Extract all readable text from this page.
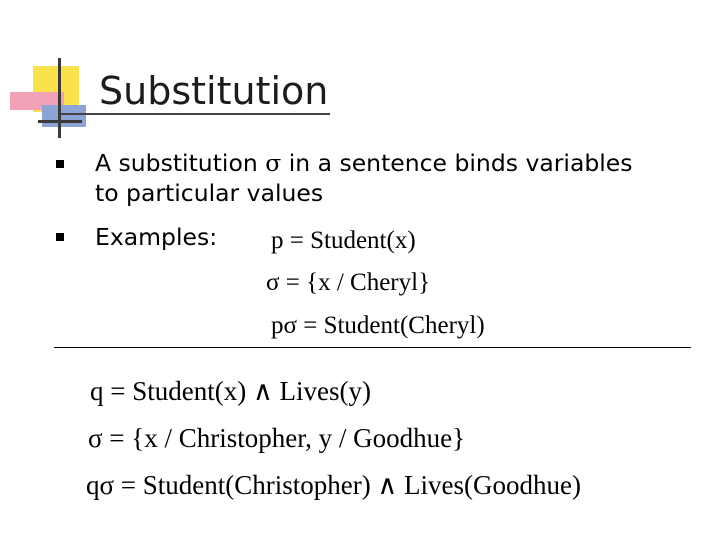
Substitution
A substitution σ in a sentence binds variables
to particular values
Examples: p = Student(x)
σ = {x / Cheryl}
pσ = Student(Cheryl)
q = Student(x) ∧ Lives(y)
σ = {x / Christopher, y / Goodhue}
qσ = Student(Christopher) ∧ Lives(Goodhue)
